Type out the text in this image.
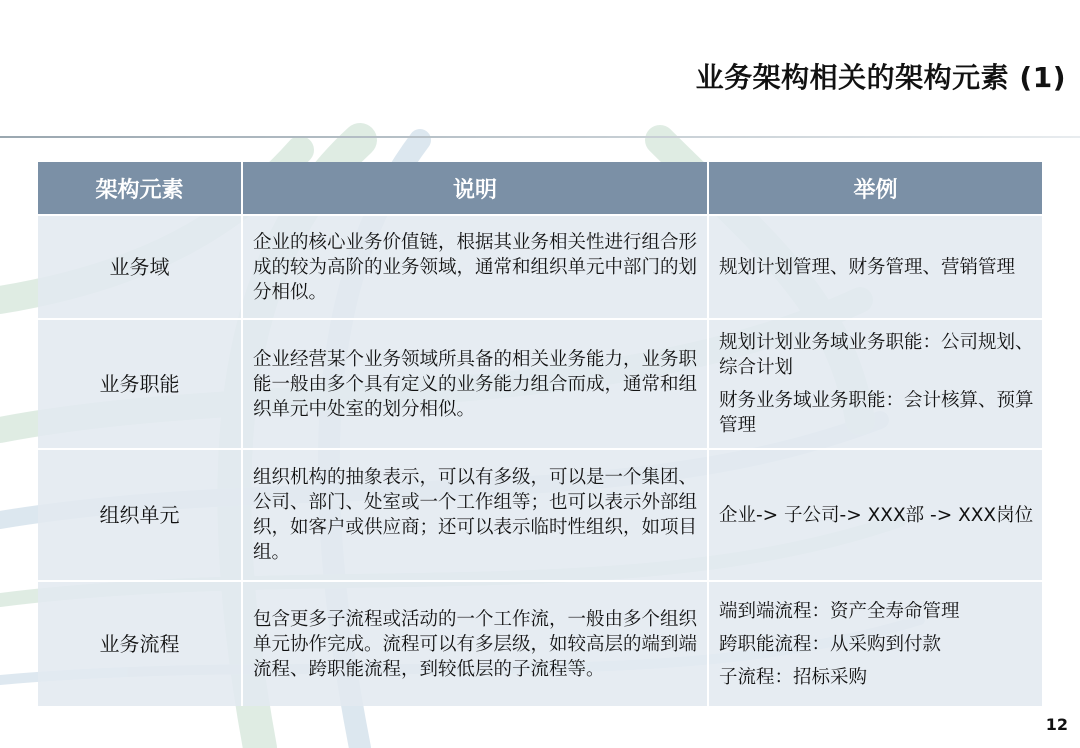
业务架构相关的架构元素 (1)
架构元素	说明	举例
业务域	企业的核心业务价值链，根据其业务相关性进行组合形成的较为高阶的业务领域，通常和组织单元中部门的划分相似。	规划计划管理、财务管理、营销管理

业务职能	企业经营某个业务领域所具备的相关业务能力，业务职能一般由多个具有定义的业务能力组合而成，通常和组织单元中处室的划分相似。	规划计划业务域业务职能：公司规划、综合计划
财务业务域业务职能：会计核算、预算管理

组织单元	组织机构的抽象表示，可以有多级，可以是一个集团、公司、部门、处室或一个工作组等；也可以表示外部组织，如客户或供应商；还可以表示临时性组织，如项目组。	企业-> 子公司-> XXX部 -> XXX岗位

业务流程	包含更多子流程或活动的一个工作流，一般由多个组织单元协作完成。流程可以有多层级，如较高层的端到端流程、跨职能流程，到较低层的子流程等。	端到端流程：资产全寿命管理
跨职能流程：从采购到付款
子流程：招标采购
12
